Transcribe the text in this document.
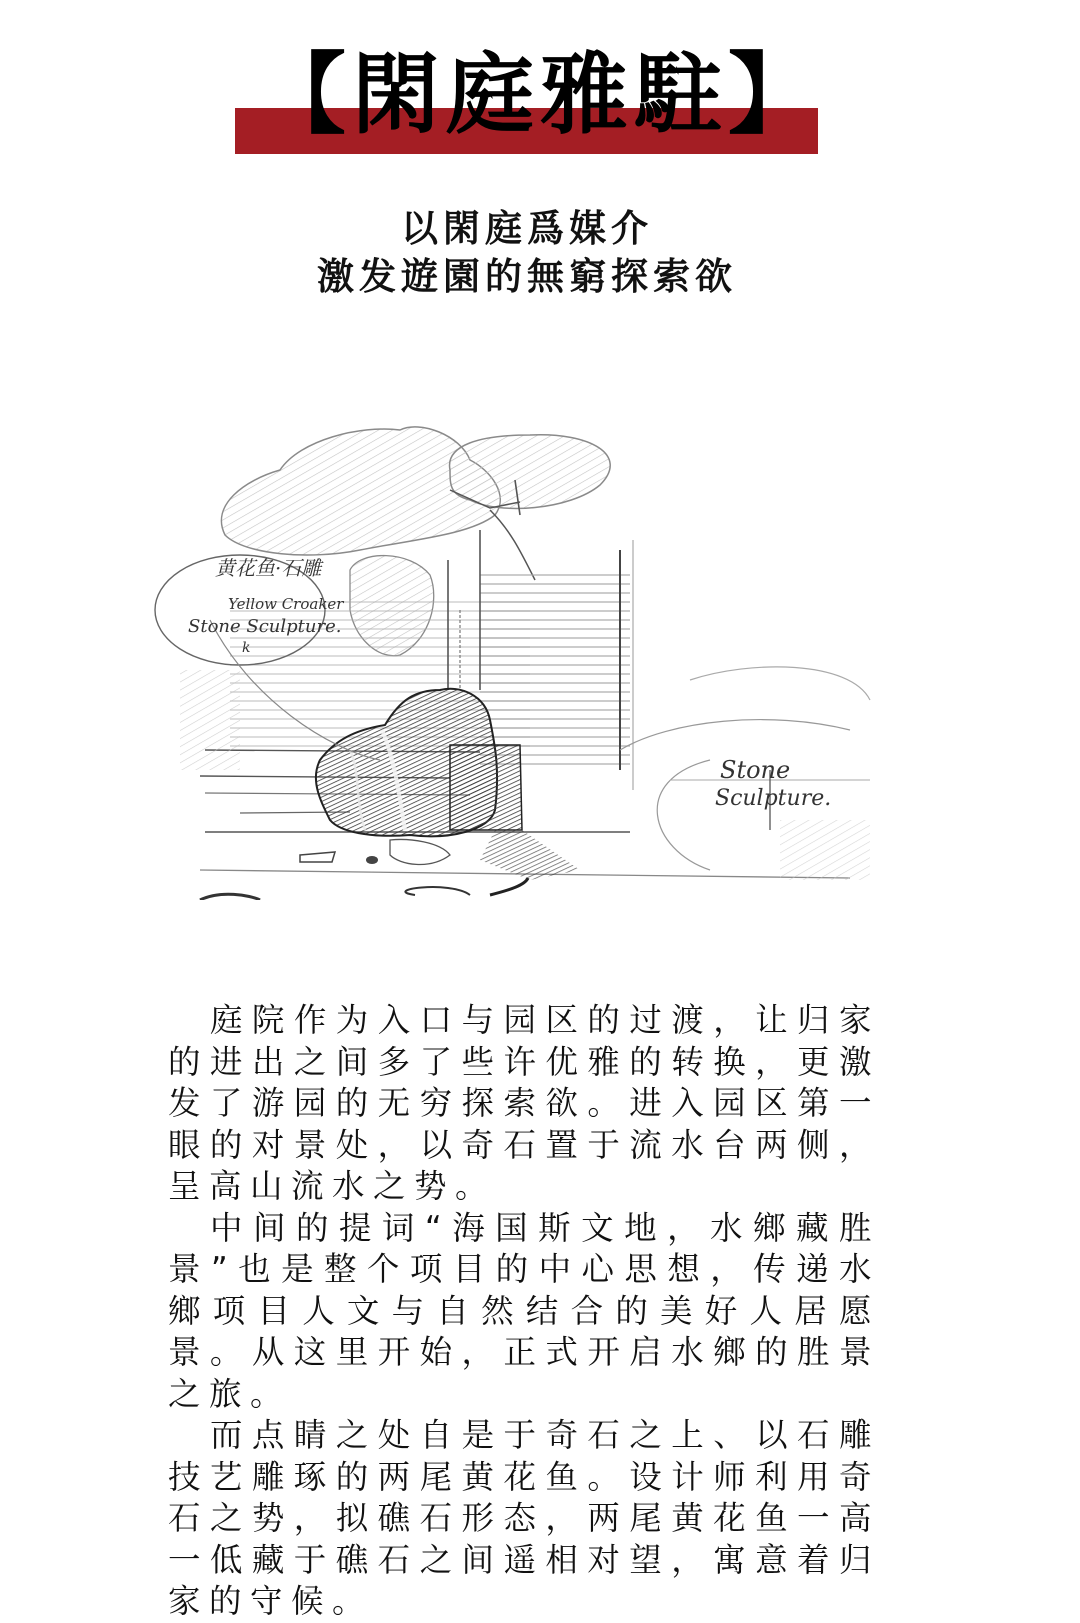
【閑庭雅駐】
以閑庭爲媒介
激发遊園的無窮探索欲
黄花鱼·石雕
Yellow Croaker
Stone Sculpture.
k
Stone
Sculpture.

庭院作为入口与园区的过渡，让归家的进出之间多了些许优雅的转换，更激发了游园的无穷探索欲。进入园区第一眼的对景处，以奇石置于流水台两侧，呈高山流水之势。

中间的提词“海国斯文地，水鄉藏胜景”也是整个项目的中心思想，传递水鄉项目人文与自然结合的美好人居愿景。从这里开始，正式开启水鄉的胜景之旅。

而点睛之处自是于奇石之上、以石雕技艺雕琢的两尾黄花鱼。设计师利用奇石之势，拟礁石形态，两尾黄花鱼一高一低藏于礁石之间遥相对望，寓意着归家的守候。
